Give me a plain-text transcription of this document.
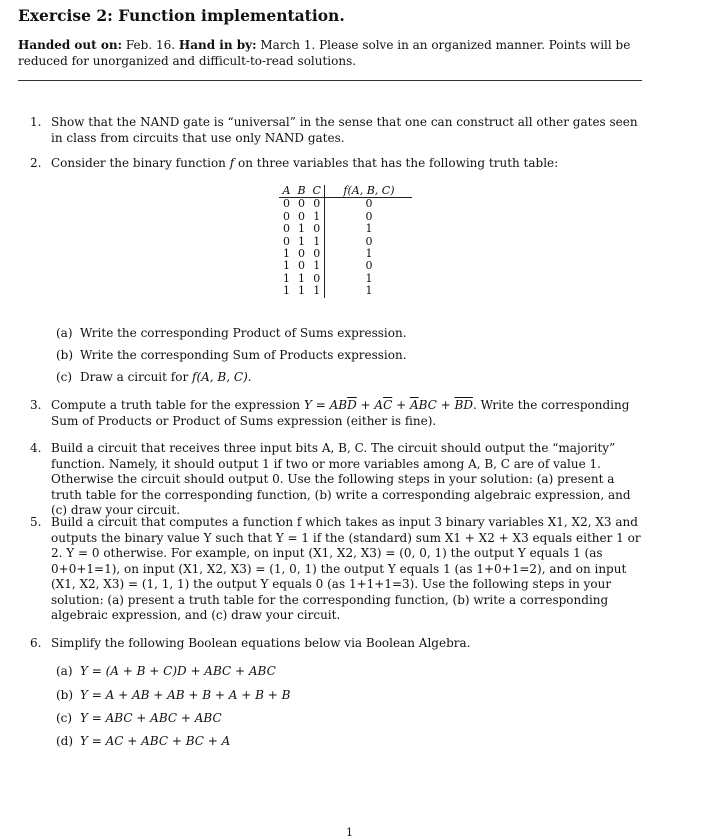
Exercise 2: Function implementation.
Handed out on: Feb. 16. Hand in by: March 1. Please solve in an organized manner. Points will be reduced for unorganized and difficult-to-read solutions.
1. Show that the NAND gate is “universal” in the sense that one can construct all other gates seen in class from circuits that use only NAND gates.
2. Consider the binary function f on three variables that has the following truth table:
A	B	C	f(A, B, C)
0	0	0	0
0	0	1	0
0	1	0	1
0	1	1	0
1	0	0	1
1	0	1	0
1	1	0	1
1	1	1	1
(a) Write the corresponding Product of Sums expression.
(b) Write the corresponding Sum of Products expression.
(c) Draw a circuit for f(A, B, C).
3. Compute a truth table for the expression $Y = AB\overline{D} + A\overline{C} + \overline{A}BC + \overline{BD}$. Write the corresponding Sum of Products or Product of Sums expression (either is fine).
4. Build a circuit that receives three input bits A, B, C. The circuit should output the “majority” function. Namely, it should output 1 if two or more variables among A, B, C are of value 1. Otherwise the circuit should output 0. Use the following steps in your solution: (a) present a truth table for the corresponding function, (b) write a corresponding algebraic expression, and (c) draw your circuit.
5. Build a circuit that computes a function f which takes as input 3 binary variables X1, X2, X3 and outputs the binary value Y such that Y = 1 if the (standard) sum X1 + X2 + X3 equals either 1 or 2. Y = 0 otherwise. For example, on input (X1, X2, X3) = (0, 0, 1) the output Y equals 1 (as 0+0+1=1), on input (X1, X2, X3) = (1, 0, 1) the output Y equals 1 (as 1+0+1=2), and on input (X1, X2, X3) = (1, 1, 1) the output Y equals 0 (as 1+1+1=3). Use the following steps in your solution: (a) present a truth table for the corresponding function, (b) write a corresponding algebraic expression, and (c) draw your circuit.
6. Simplify the following Boolean equations below via Boolean Algebra.
(a) Y = (A + B + C)D + ABC + ABC
(b) Y = A + AB + AB + B + A + B + B
(c) Y = ABC + ABC + ABC
(d) Y = AC + ABC + BC + A
1
